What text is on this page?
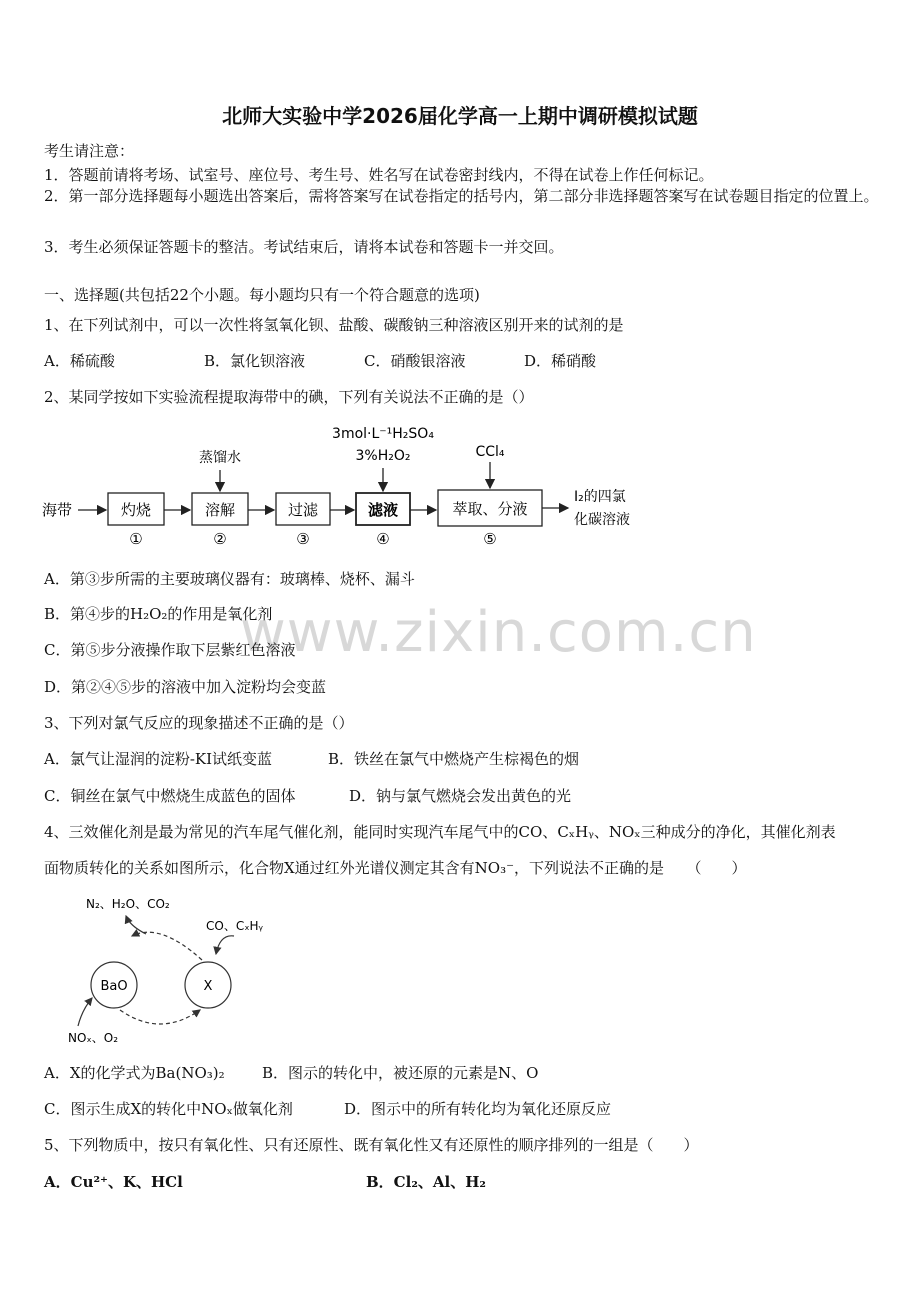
www.zixin.com.cn
北师大实验中学2026届化学高一上期中调研模拟试题
考生请注意：
1．答题前请将考场、试室号、座位号、考生号、姓名写在试卷密封线内，不得在试卷上作任何标记。
2．第一部分选择题每小题选出答案后，需将答案写在试卷指定的括号内，第二部分非选择题答案写在试卷题目指定的位置上。
3．考生必须保证答题卡的整洁。考试结束后，请将本试卷和答题卡一并交回。
一、选择题(共包括22个小题。每小题均只有一个符合题意的选项)
1、在下列试剂中，可以一次性将氢氧化钡、盐酸、碳酸钠三种溶液区别开来的试剂的是
A．稀硫酸	B．氯化钡溶液	C．硝酸银溶液	D．稀硝酸
2、某同学按如下实验流程提取海带中的碘，下列有关说法不正确的是（）
海带	灼烧
①
溶解
②
蒸馏水
过滤
③
滤液
④
3mol·L⁻¹H₂SO₄
3%H₂O₂
萃取、分液
⑤
CCl₄
I₂的四氯
化碳溶液
A．第③步所需的主要玻璃仪器有：玻璃棒、烧杯、漏斗
B．第④步的H₂O₂的作用是氧化剂
C．第⑤步分液操作取下层紫红色溶液
D．第②④⑤步的溶液中加入淀粉均会变蓝
3、下列对氯气反应的现象描述不正确的是（）
A．氯气让湿润的淀粉-KI试纸变蓝	B．铁丝在氯气中燃烧产生棕褐色的烟
C．铜丝在氯气中燃烧生成蓝色的固体	D．钠与氯气燃烧会发出黄色的光
4、三效催化剂是最为常见的汽车尾气催化剂，能同时实现汽车尾气中的CO、CₓHᵧ、NOₓ三种成分的净化，其催化剂表
面物质转化的关系如图所示，化合物X通过红外光谱仪测定其含有NO₃⁻，下列说法不正确的是　　（　　）
N₂、H₂O、CO₂
CO、CₓHᵧ
NOₓ、O₂
BaO	X
A．X的化学式为Ba(NO₃)₂ B．图示的转化中，被还原的元素是N、O
C．图示生成X的转化中NOₓ做氧化剂	D．图示中的所有转化均为氧化还原反应
5、下列物质中，按只有氧化性、只有还原性、既有氧化性又有还原性的顺序排列的一组是（　　）
A．Cu²⁺、K、HCl	B．Cl₂、Al、H₂
